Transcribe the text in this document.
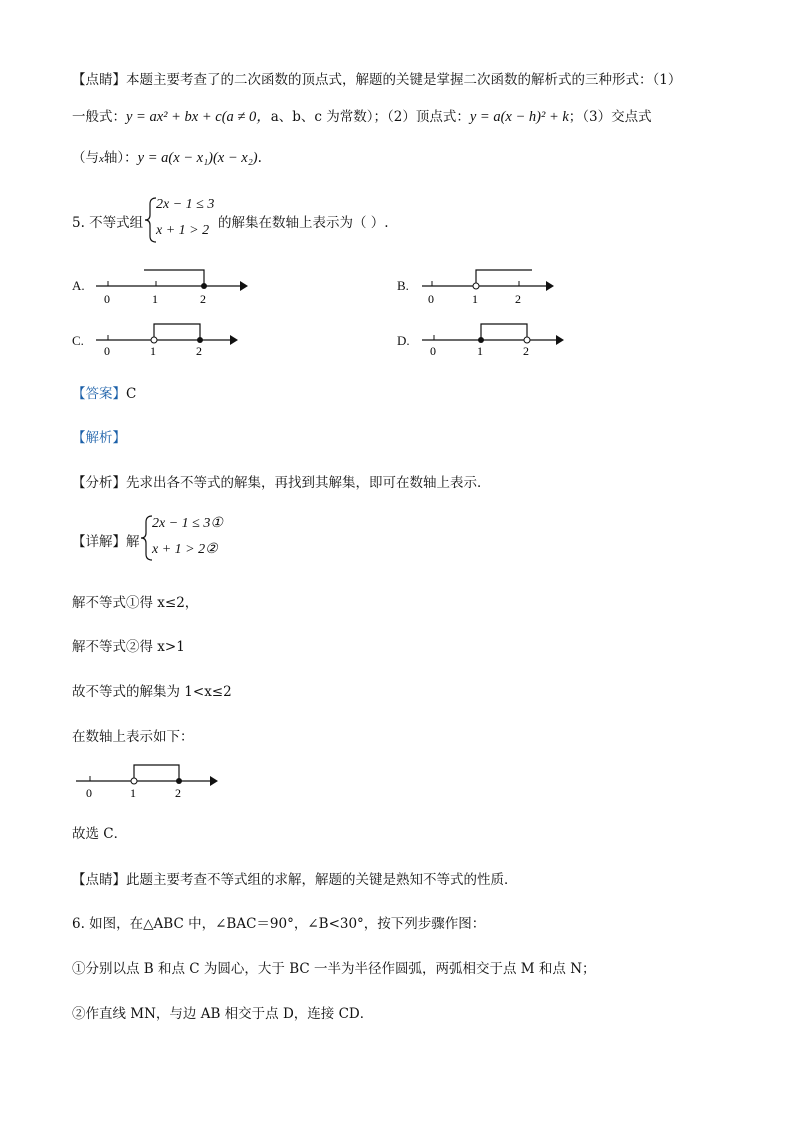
【点睛】本题主要考查了的二次函数的顶点式，解题的关键是掌握二次函数的解析式的三种形式：（1）
一般式：y = ax² + bx + c(a ≠ 0，a、b、c 为常数）；（2）顶点式：y = a(x − h)² + k；（3）交点式
（与x轴）：y = a(x − x₁)(x − x₂).
5. 不等式组
2x − 1 ≤ 3
x + 1 > 2 的解集在数轴上表示为（ ）.
A.
0	1	2
B.
0	1	2
C.
0	1	2
D.
0	1	2
【答案】C
【解析】
【分析】先求出各不等式的解集，再找到其解集，即可在数轴上表示．
【详解】解
2x − 1 ≤ 3①
x + 1 > 2②
解不等式①得 x≤2，
解不等式②得 x>1
故不等式的解集为 1<x≤2
在数轴上表示如下：
0	1	2
故选 C．
【点睛】此题主要考查不等式组的求解，解题的关键是熟知不等式的性质．
6. 如图，在△ABC 中，∠BAC＝90°，∠B<30°，按下列步骤作图：
①分别以点 B 和点 C 为圆心，大于 BC 一半为半径作圆弧，两弧相交于点 M 和点 N；
②作直线 MN，与边 AB 相交于点 D，连接 CD．
